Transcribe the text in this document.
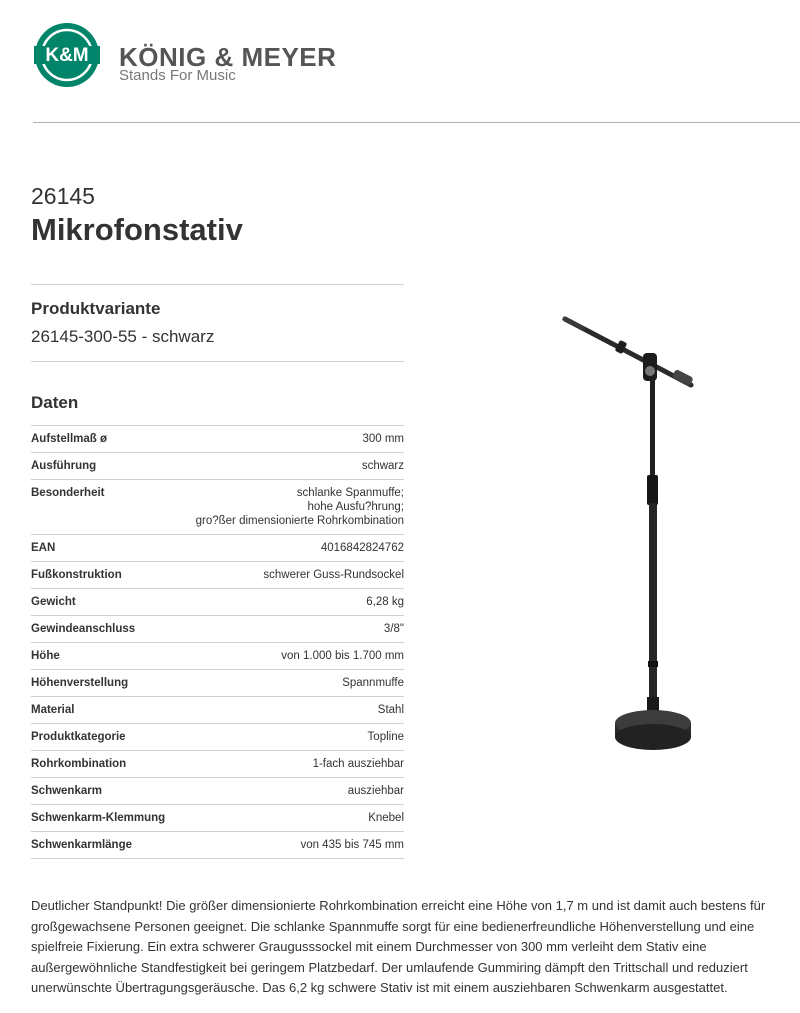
K&M KÖNIG & MEYER
Stands For Music
26145
Mikrofonstativ
Produktvariante
26145-300-55 - schwarz
Daten
Aufstellmaß ø	300 mm
Ausführung	schwarz
Besonderheit	schlanke Spanmuffe;
hohe Ausfu?hrung;
gro?ßer dimensionierte Rohrkombination
EAN	4016842824762
Fußkonstruktion	schwerer Guss-Rundsockel
Gewicht	6,28 kg
Gewindeanschluss	3/8"
Höhe	von 1.000 bis 1.700 mm
Höhenverstellung	Spannmuffe
Material	Stahl
Produktkategorie	Topline
Rohrkombination	1-fach ausziehbar
Schwenkarm	ausziehbar
Schwenkarm-Klemmung	Knebel
Schwenkarmlänge	von 435 bis 745 mm
Deutlicher Standpunkt! Die größer dimensionierte Rohrkombination erreicht eine Höhe von 1,7 m und ist damit auch bestens für großgewachsene Personen geeignet. Die schlanke Spannmuffe sorgt für eine bedienerfreundliche Höhenverstellung und eine spielfreie Fixierung. Ein extra schwerer Graugusssockel mit einem Durchmesser von 300 mm verleiht dem Stativ eine außergewöhnliche Standfestigkeit bei geringem Platzbedarf. Der umlaufende Gummiring dämpft den Trittschall und reduziert unerwünschte Übertragungsgeräusche. Das 6,2 kg schwere Stativ ist mit einem ausziehbaren Schwenkarm ausgestattet.
